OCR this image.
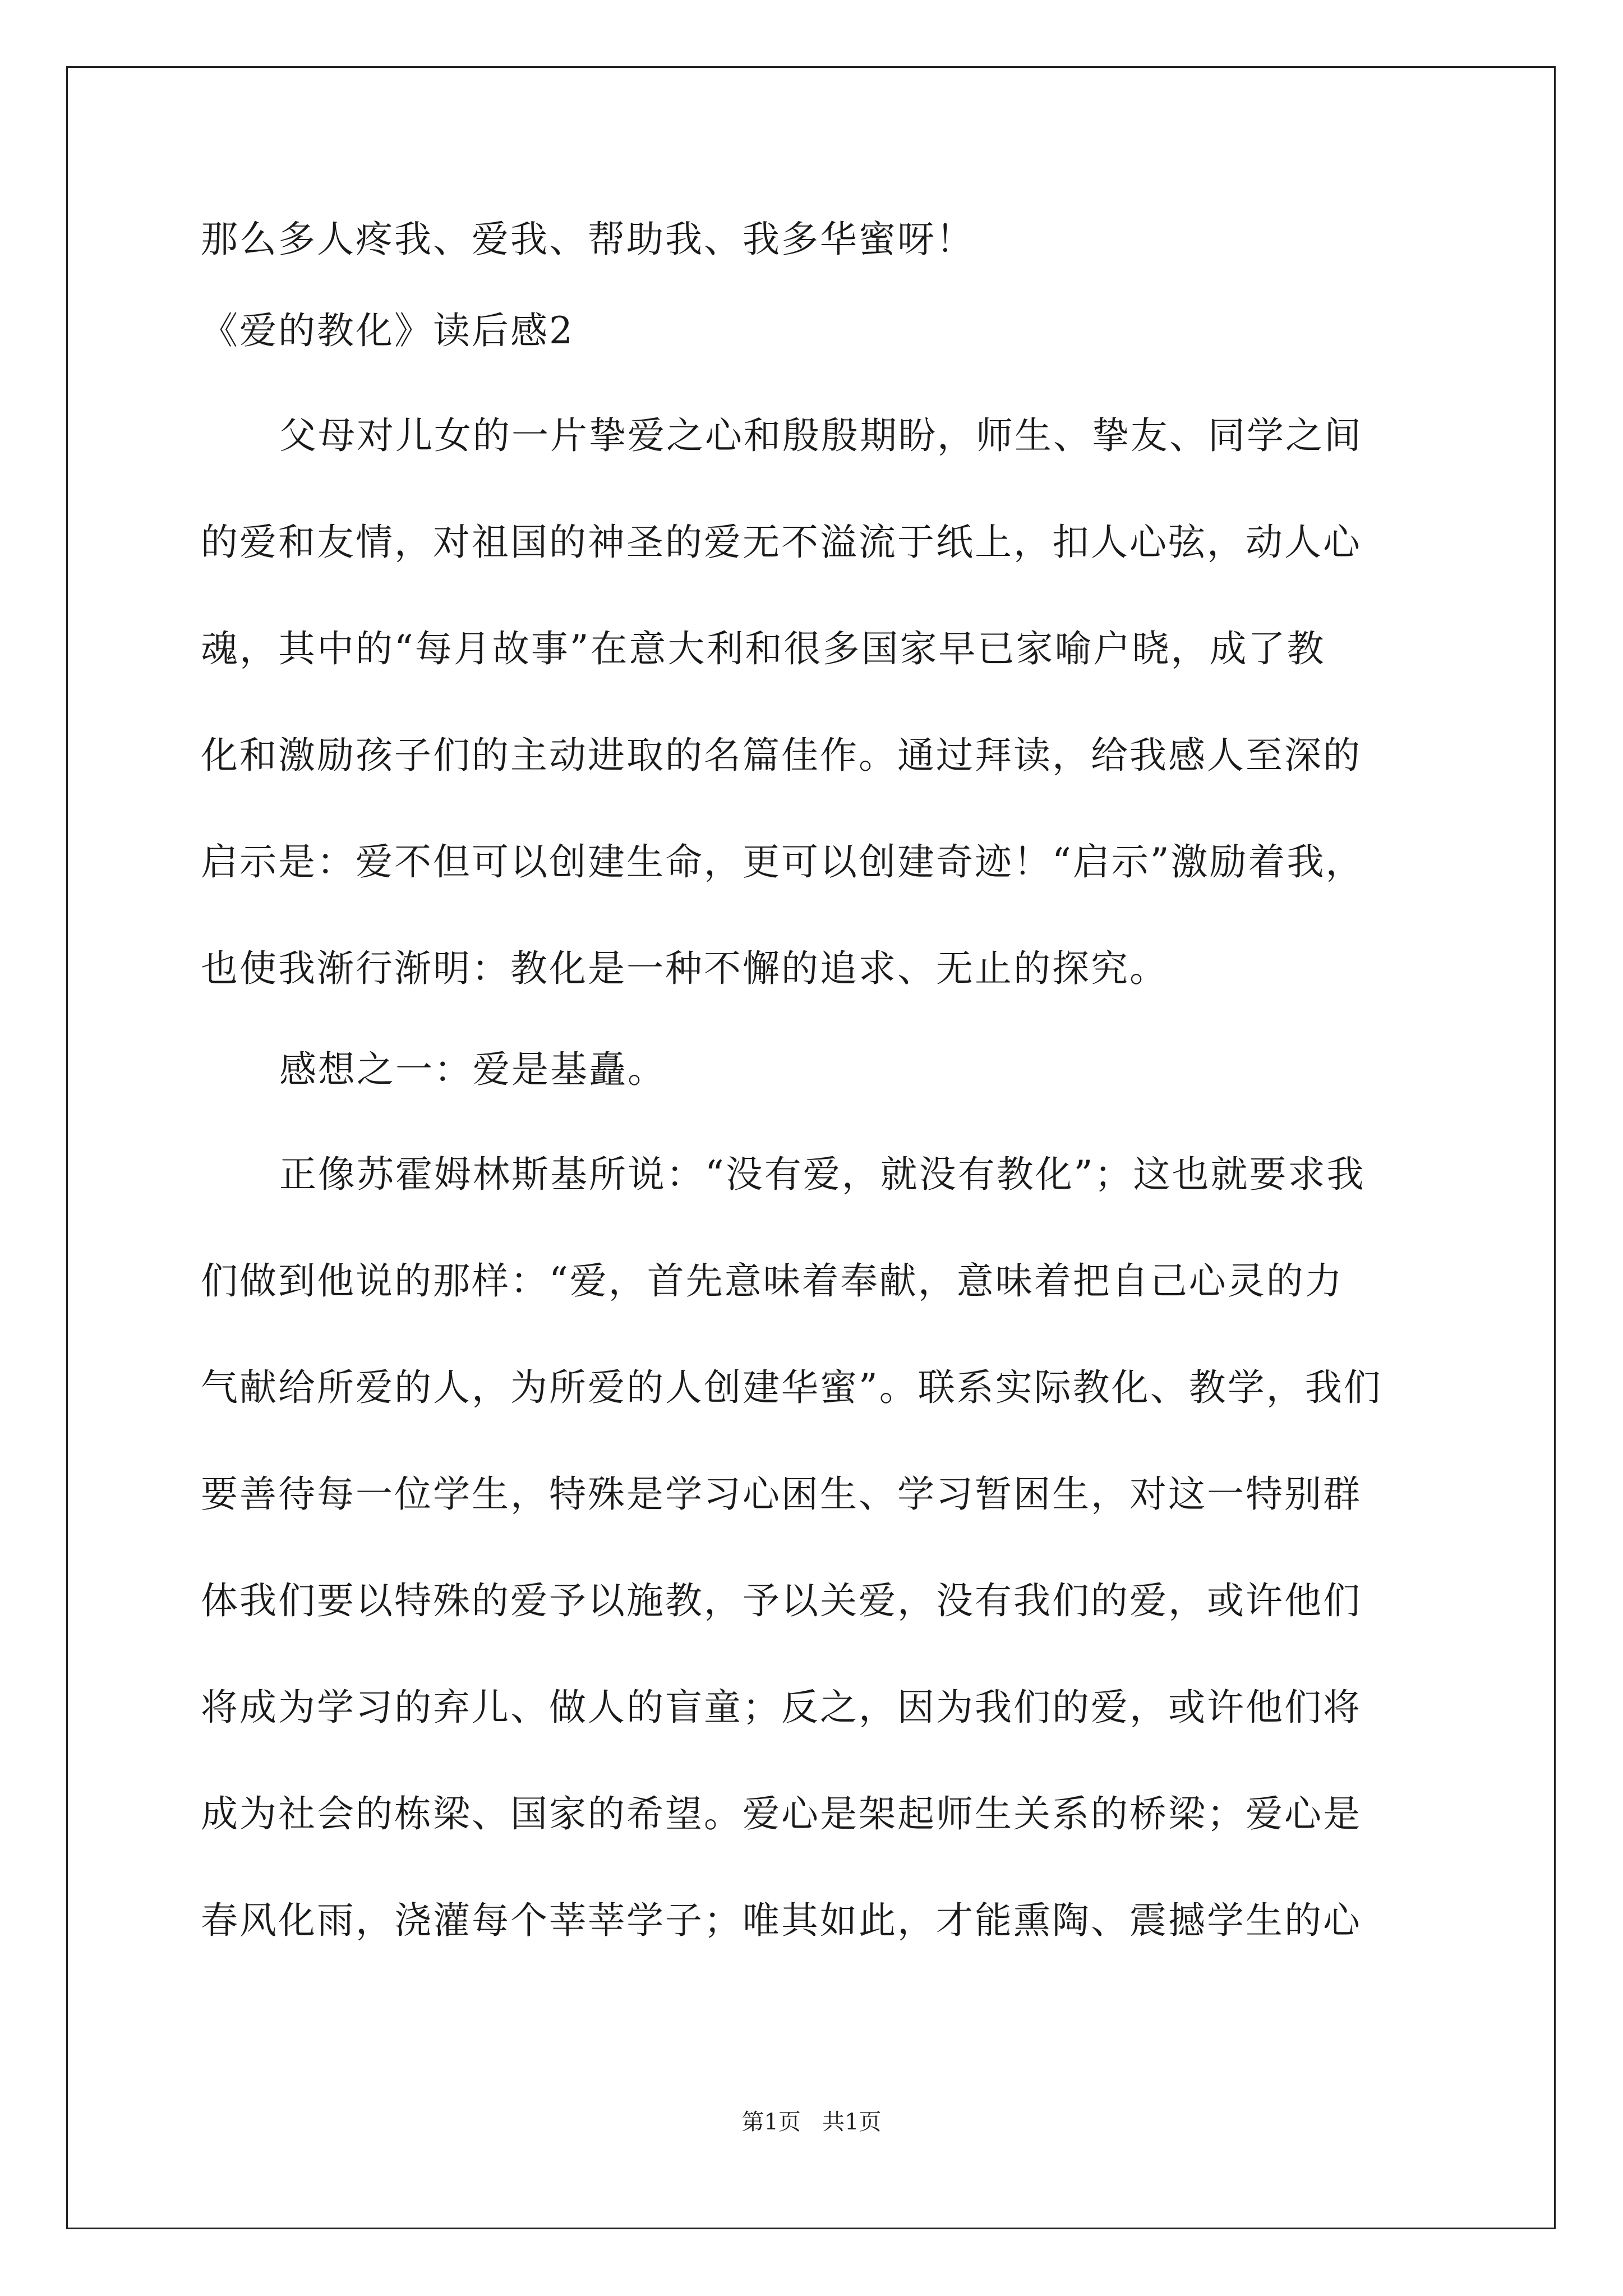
那么多人疼我、爱我、帮助我、我多华蜜呀！
《爱的教化》读后感2
父母对儿女的一片挚爱之心和殷殷期盼，师生、挚友、同学之间
的爱和友情，对祖国的神圣的爱无不溢流于纸上，扣人心弦，动人心
魂，其中的“每月故事”在意大利和很多国家早已家喻户晓，成了教
化和激励孩子们的主动进取的名篇佳作。通过拜读，给我感人至深的
启示是：爱不但可以创建生命，更可以创建奇迹！“启示”激励着我，
也使我渐行渐明：教化是一种不懈的追求、无止的探究。
感想之一：爱是基矗。
正像苏霍姆林斯基所说：“没有爱，就没有教化”；这也就要求我
们做到他说的那样：“爱，首先意味着奉献，意味着把自己心灵的力
气献给所爱的人，为所爱的人创建华蜜”。联系实际教化、教学，我们
要善待每一位学生，特殊是学习心困生、学习暂困生，对这一特别群
体我们要以特殊的爱予以施教，予以关爱，没有我们的爱，或许他们
将成为学习的弃儿、做人的盲童；反之，因为我们的爱，或许他们将
成为社会的栋梁、国家的希望。爱心是架起师生关系的桥梁；爱心是
春风化雨，浇灌每个莘莘学子；唯其如此，才能熏陶、震撼学生的心
第1页 共1页
